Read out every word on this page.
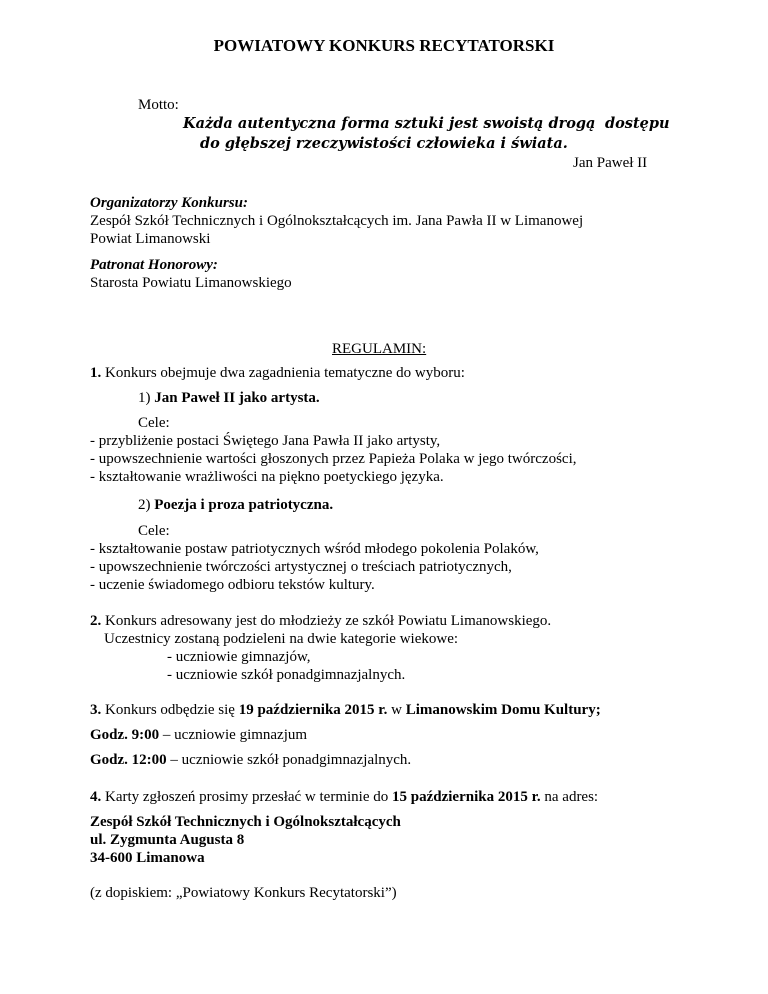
POWIATOWY KONKURS RECYTATORSKI
Motto:
Każda autentyczna forma sztuki jest swoistą drogą dostępu
do głębszej rzeczywistości człowieka i świata.
Jan Paweł II
Organizatorzy Konkursu:
Zespół Szkół Technicznych i Ogólnokształcących im. Jana Pawła II w Limanowej
Powiat Limanowski
Patronat Honorowy:
Starosta Powiatu Limanowskiego
REGULAMIN:
1. Konkurs obejmuje dwa zagadnienia tematyczne do wyboru:
1) Jan Paweł II jako artysta.
Cele:
- przybliżenie postaci Świętego Jana Pawła II jako artysty,
- upowszechnienie wartości głoszonych przez Papieża Polaka w jego twórczości,
- kształtowanie wrażliwości na piękno poetyckiego języka.
2) Poezja i proza patriotyczna.
Cele:
- kształtowanie postaw patriotycznych wśród młodego pokolenia Polaków,
- upowszechnienie twórczości artystycznej o treściach patriotycznych,
- uczenie świadomego odbioru tekstów kultury.
2. Konkurs adresowany jest do młodzieży ze szkół Powiatu Limanowskiego.
Uczestnicy zostaną podzieleni na dwie kategorie wiekowe:
- uczniowie gimnazjów,
- uczniowie szkół ponadgimnazjalnych.
3. Konkurs odbędzie się 19 października 2015 r. w Limanowskim Domu Kultury;
Godz. 9:00 – uczniowie gimnazjum
Godz. 12:00 – uczniowie szkół ponadgimnazjalnych.
4. Karty zgłoszeń prosimy przesłać w terminie do 15 października 2015 r. na adres:
Zespół Szkół Technicznych i Ogólnokształcących
ul. Zygmunta Augusta 8
34-600 Limanowa
(z dopiskiem: „Powiatowy Konkurs Recytatorski”)
